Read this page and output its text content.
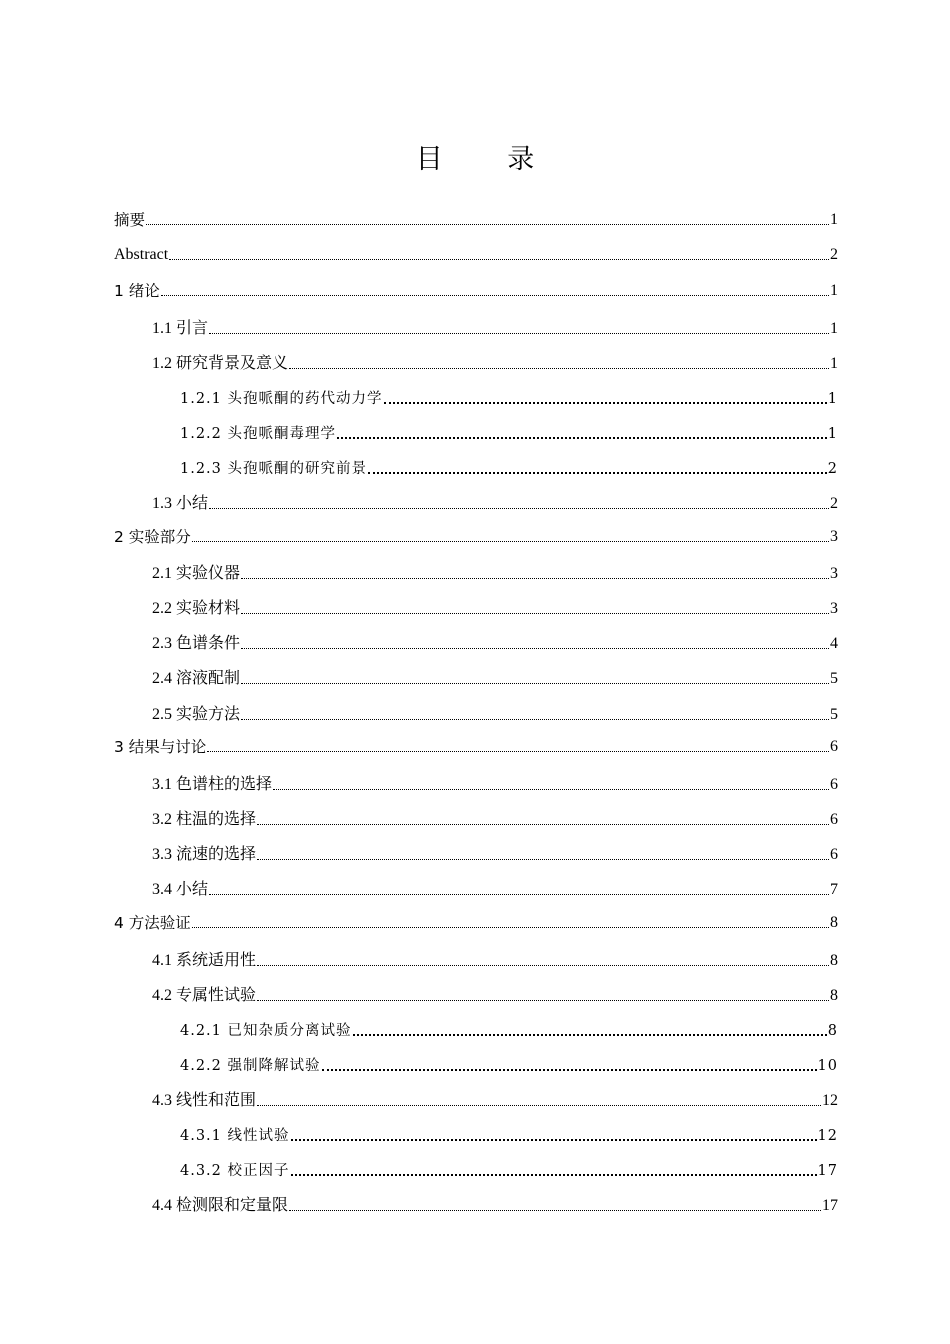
目 录
摘要	1
Abstract	2
1 绪论	1
1.1 引言	1
1.2 研究背景及意义	1
1.2.1 头孢哌酮的药代动力学	1
1.2.2 头孢哌酮毒理学	1
1.2.3 头孢哌酮的研究前景	2
1.3 小结	2
2 实验部分	3
2.1 实验仪器	3
2.2 实验材料	3
2.3 色谱条件	4
2.4 溶液配制	5
2.5 实验方法	5
3 结果与讨论	6
3.1 色谱柱的选择	6
3.2 柱温的选择	6
3.3 流速的选择	6
3.4 小结	7
4 方法验证	8
4.1 系统适用性	8
4.2 专属性试验	8
4.2.1 已知杂质分离试验	8
4.2.2 强制降解试验	10
4.3 线性和范围	12
4.3.1 线性试验	12
4.3.2 校正因子	17
4.4 检测限和定量限	17
